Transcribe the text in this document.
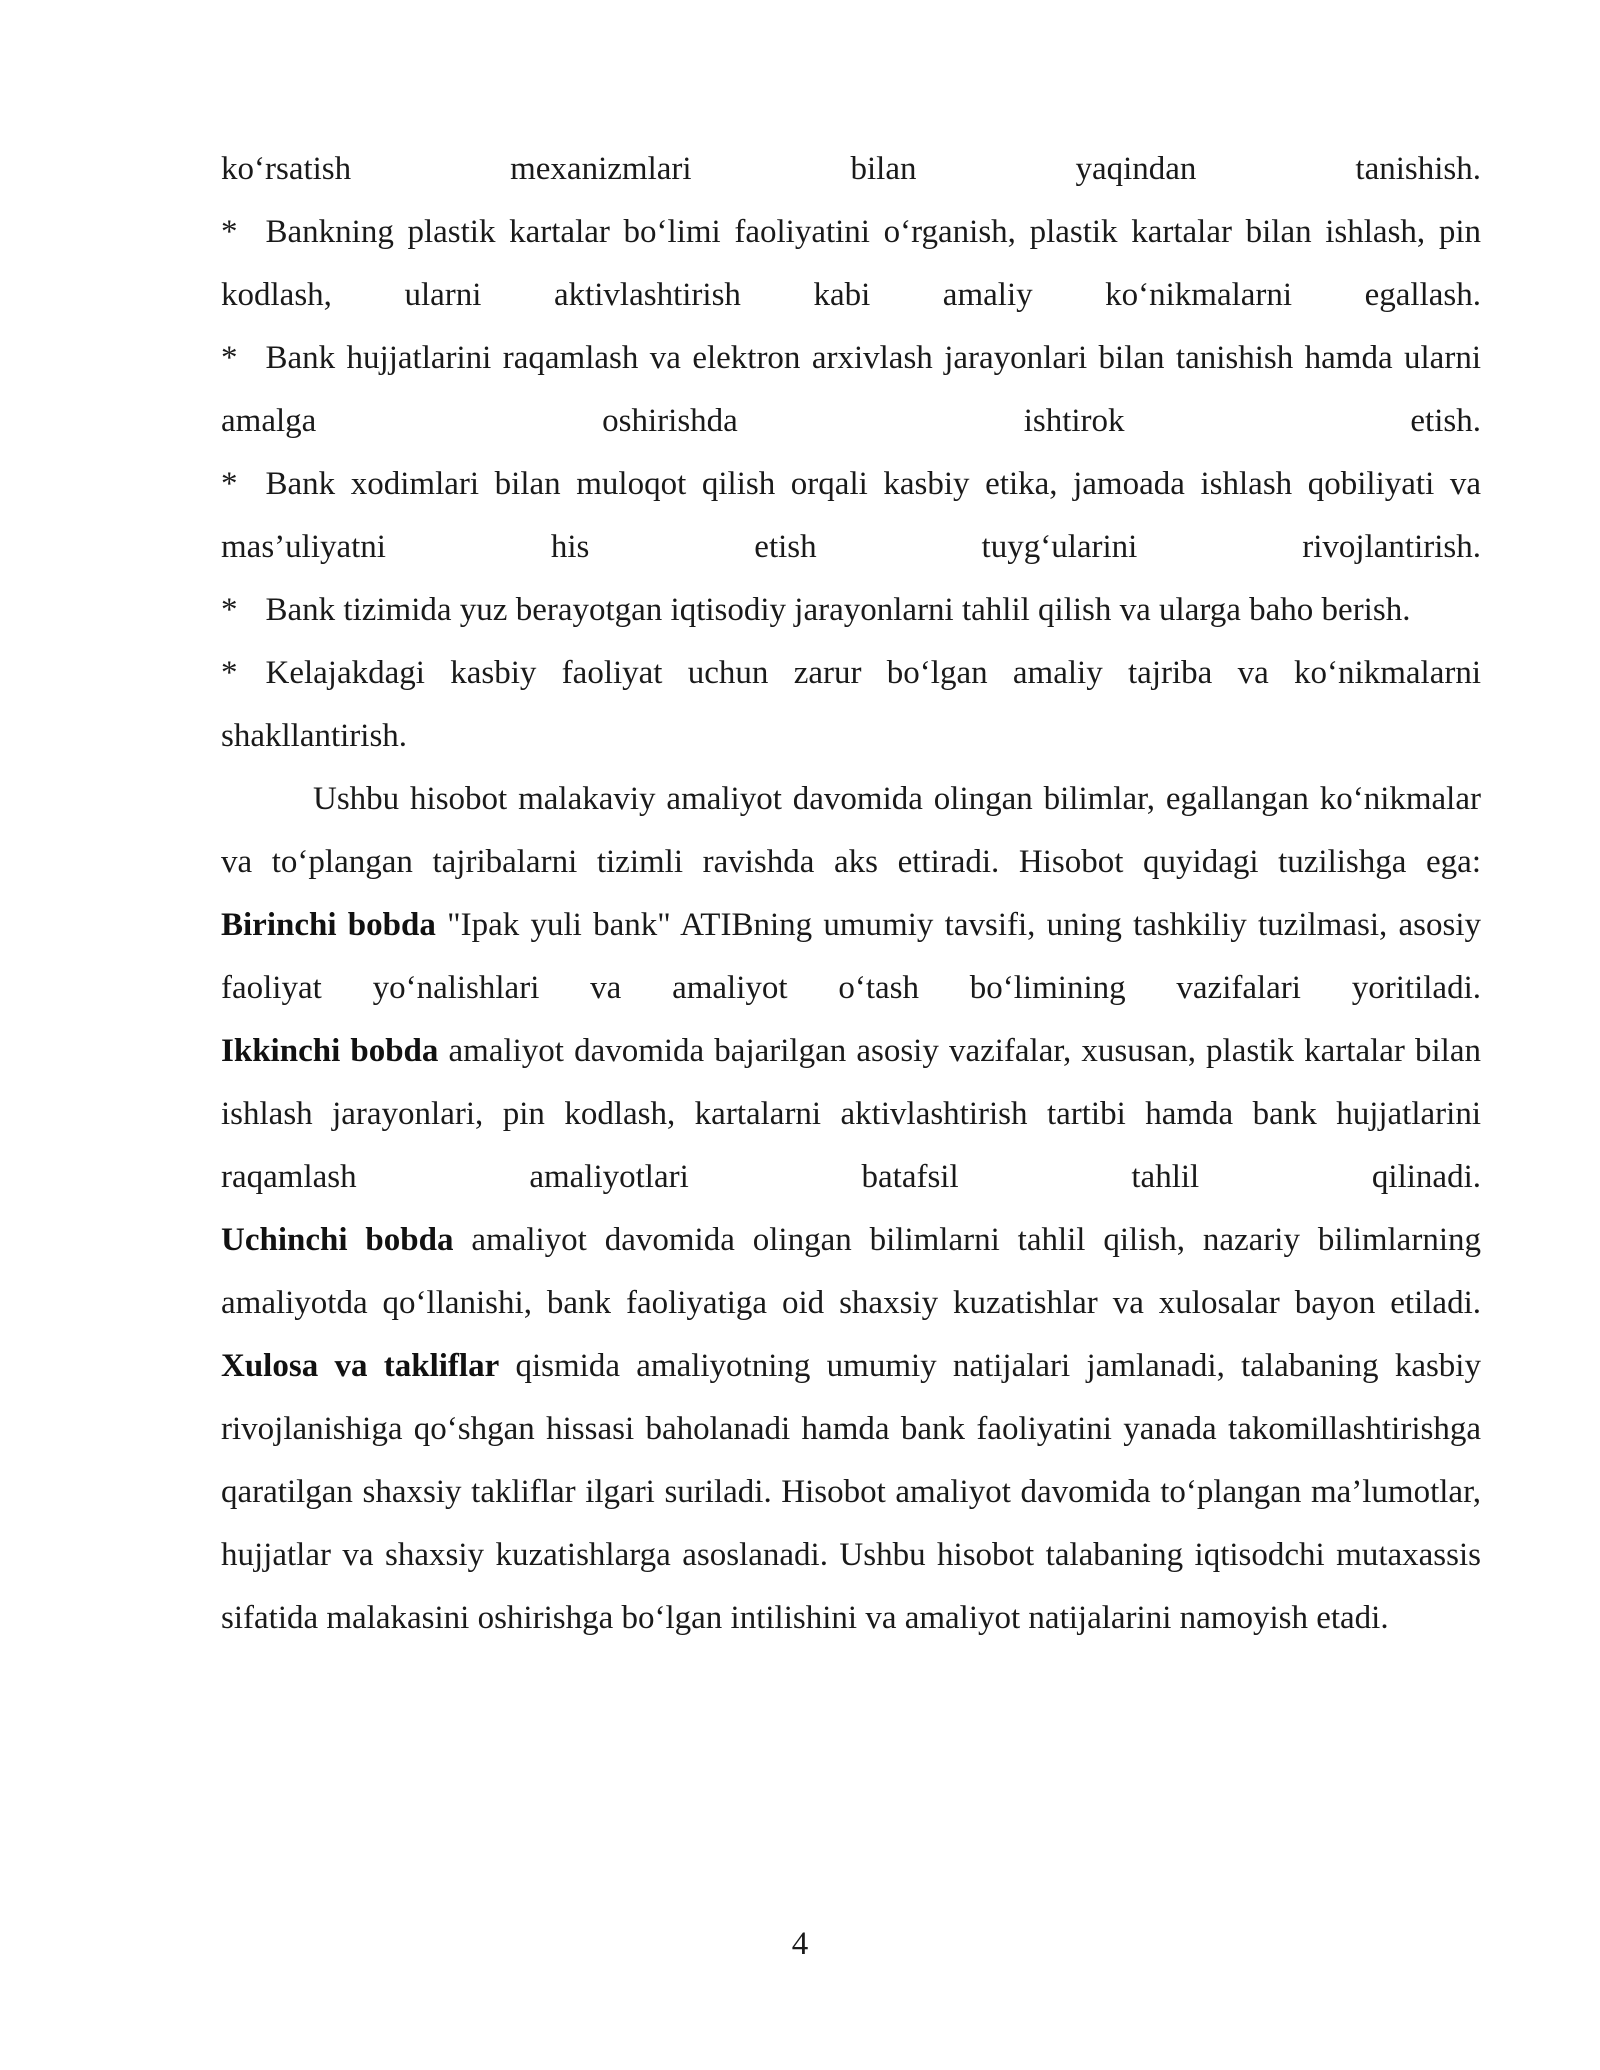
ko‘rsatish mexanizmlari bilan yaqindan tanishish.

* Bankning plastik kartalar bo‘limi faoliyatini o‘rganish, plastik kartalar bilan ishlash, pin kodlash, ularni aktivlashtirish kabi amaliy ko‘nikmalarni egallash.

* Bank hujjatlarini raqamlash va elektron arxivlash jarayonlari bilan tanishish hamda ularni amalga oshirishda ishtirok etish.

* Bank xodimlari bilan muloqot qilish orqali kasbiy etika, jamoada ishlash qobiliyati va mas’uliyatni his etish tuyg‘ularini rivojlantirish.

* Bank tizimida yuz berayotgan iqtisodiy jarayonlarni tahlil qilish va ularga baho berish.

* Kelajakdagi kasbiy faoliyat uchun zarur bo‘lgan amaliy tajriba va ko‘nikmalarni shakllantirish.

Ushbu hisobot malakaviy amaliyot davomida olingan bilimlar, egallangan ko‘nikmalar va to‘plangan tajribalarni tizimli ravishda aks ettiradi. Hisobot quyidagi tuzilishga ega:

Birinchi bobda "Ipak yuli bank" ATIBning umumiy tavsifi, uning tashkiliy tuzilmasi, asosiy faoliyat yo‘nalishlari va amaliyot o‘tash bo‘limining vazifalari yoritiladi.

Ikkinchi bobda amaliyot davomida bajarilgan asosiy vazifalar, xususan, plastik kartalar bilan ishlash jarayonlari, pin kodlash, kartalarni aktivlashtirish tartibi hamda bank hujjatlarini raqamlash amaliyotlari batafsil tahlil qilinadi.

Uchinchi bobda amaliyot davomida olingan bilimlarni tahlil qilish, nazariy bilimlarning amaliyotda qo‘llanishi, bank faoliyatiga oid shaxsiy kuzatishlar va xulosalar bayon etiladi.

Xulosa va takliflar qismida amaliyotning umumiy natijalari jamlanadi, talabaning kasbiy rivojlanishiga qo‘shgan hissasi baholanadi hamda bank faoliyatini yanada takomillashtirishga qaratilgan shaxsiy takliflar ilgari suriladi. Hisobot amaliyot davomida to‘plangan ma’lumotlar, hujjatlar va shaxsiy kuzatishlarga asoslanadi. Ushbu hisobot talabaning iqtisodchi mutaxassis sifatida malakasini oshirishga bo‘lgan intilishini va amaliyot natijalarini namoyish etadi.

4
